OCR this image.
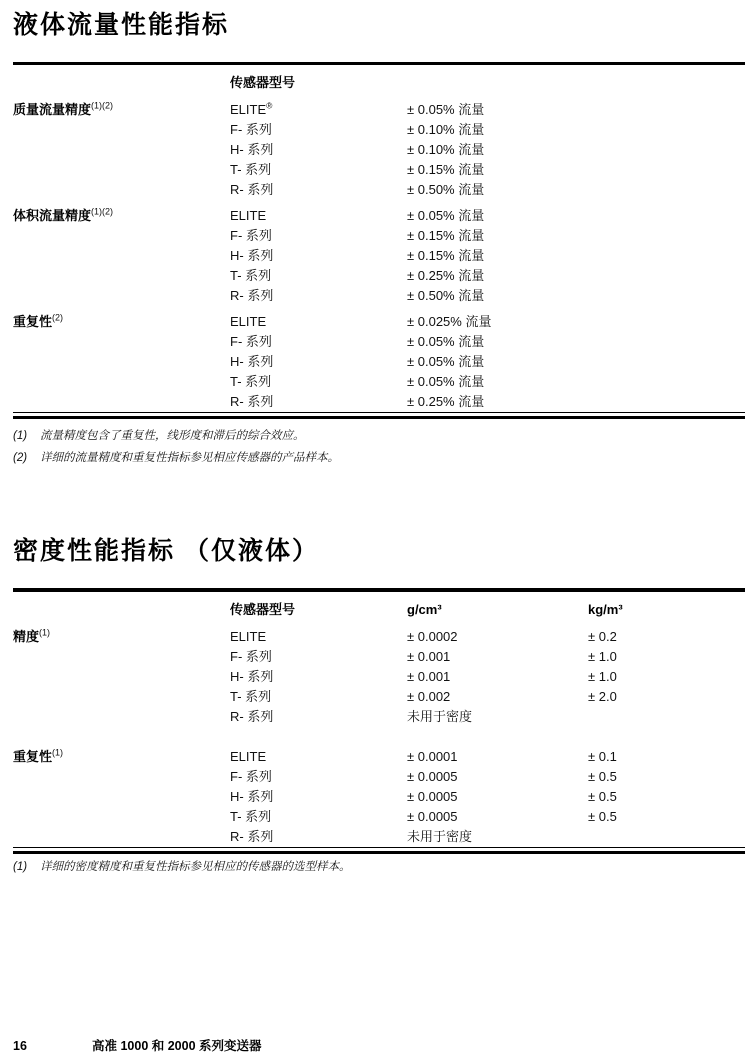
液体流量性能指标
传感器型号
质量流量精度$^{(1)(2)}$	ELITE®	± 0.05% 流量
F- 系列	± 0.10% 流量
H- 系列	± 0.10% 流量
T- 系列	± 0.15% 流量
R- 系列	± 0.50% 流量
体积流量精度$^{(1)(2)}$	ELITE	± 0.05% 流量
F- 系列	± 0.15% 流量
H- 系列	± 0.15% 流量
T- 系列	± 0.25% 流量
R- 系列	± 0.50% 流量
重复性$^{(2)}$	ELITE	± 0.025% 流量
F- 系列	± 0.05% 流量
H- 系列	± 0.05% 流量
T- 系列	± 0.05% 流量
R- 系列	± 0.25% 流量
(1) 流量精度包含了重复性，线形度和滞后的综合效应。
(2) 详细的流量精度和重复性指标参见相应传感器的产品样本。
密度性能指标 （仅液体）
传感器型号	g/cm³	kg/m³
精度$^{(1)}$	ELITE	± 0.0002	± 0.2
F- 系列	± 0.001	± 1.0
H- 系列	± 0.001	± 1.0
T- 系列	± 0.002	± 2.0
R- 系列	未用于密度
重复性$^{(1)}$	ELITE	± 0.0001	± 0.1
F- 系列	± 0.0005	± 0.5
H- 系列	± 0.0005	± 0.5
T- 系列	± 0.0005	± 0.5
R- 系列	未用于密度
(1) 详细的密度精度和重复性指标参见相应的传感器的选型样本。
16	高准 1000 和 2000 系列变送器
